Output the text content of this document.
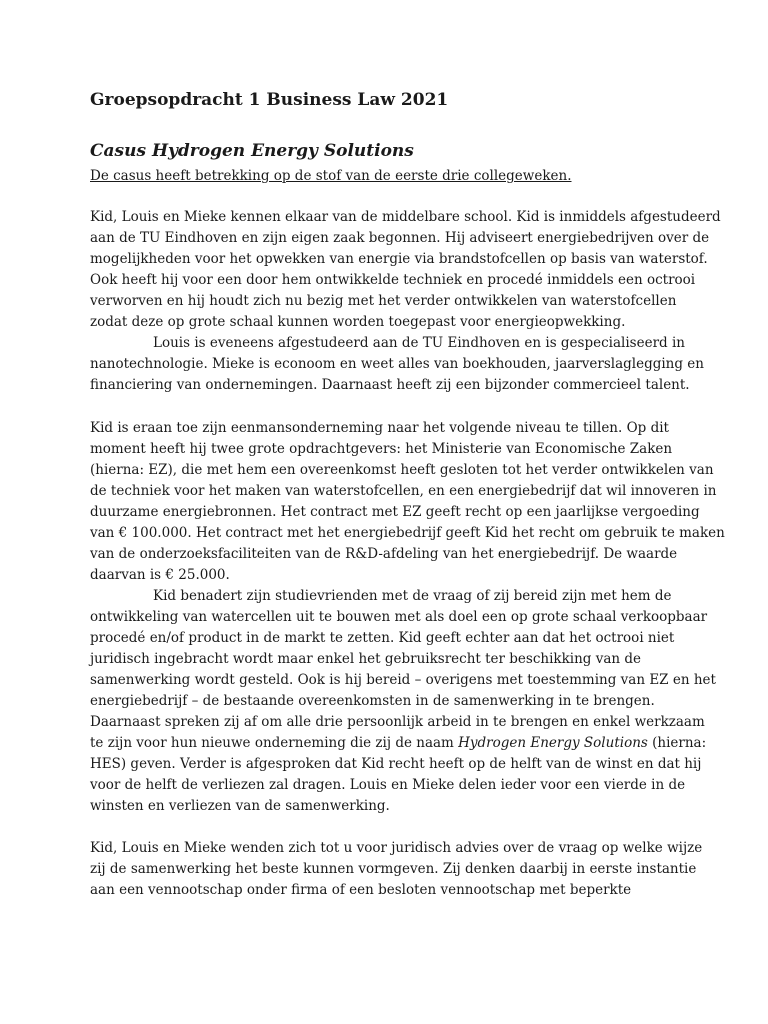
Groepsopdracht 1 Business Law 2021
Casus Hydrogen Energy Solutions

De casus heeft betrekking op de stof van de eerste drie collegeweken.

Kid, Louis en Mieke kennen elkaar van de middelbare school. Kid is inmiddels afgestudeerd
aan de TU Eindhoven en zijn eigen zaak begonnen. Hij adviseert energiebedrijven over de
mogelijkheden voor het opwekken van energie via brandstofcellen op basis van waterstof.
Ook heeft hij voor een door hem ontwikkelde techniek en procedé inmiddels een octrooi
verworven en hij houdt zich nu bezig met het verder ontwikkelen van waterstofcellen
zodat deze op grote schaal kunnen worden toegepast voor energieopwekking.
Louis is eveneens afgestudeerd aan de TU Eindhoven en is gespecialiseerd in
nanotechnologie. Mieke is econoom en weet alles van boekhouden, jaarverslaglegging en
financiering van ondernemingen. Daarnaast heeft zij een bijzonder commercieel talent.
Kid is eraan toe zijn eenmansonderneming naar het volgende niveau te tillen. Op dit
moment heeft hij twee grote opdrachtgevers: het Ministerie van Economische Zaken
(hierna: EZ), die met hem een overeenkomst heeft gesloten tot het verder ontwikkelen van
de techniek voor het maken van waterstofcellen, en een energiebedrijf dat wil innoveren in
duurzame energiebronnen. Het contract met EZ geeft recht op een jaarlijkse vergoeding
van € 100.000. Het contract met het energiebedrijf geeft Kid het recht om gebruik te maken
van de onderzoeksfaciliteiten van de R&D-afdeling van het energiebedrijf. De waarde
daarvan is € 25.000.
Kid benadert zijn studievrienden met de vraag of zij bereid zijn met hem de
ontwikkeling van watercellen uit te bouwen met als doel een op grote schaal verkoopbaar
procedé en/of product in de markt te zetten. Kid geeft echter aan dat het octrooi niet
juridisch ingebracht wordt maar enkel het gebruiksrecht ter beschikking van de
samenwerking wordt gesteld. Ook is hij bereid – overigens met toestemming van EZ en het
energiebedrijf – de bestaande overeenkomsten in de samenwerking in te brengen.
Daarnaast spreken zij af om alle drie persoonlijk arbeid in te brengen en enkel werkzaam
te zijn voor hun nieuwe onderneming die zij de naam Hydrogen Energy Solutions (hierna:
HES) geven. Verder is afgesproken dat Kid recht heeft op de helft van de winst en dat hij
voor de helft de verliezen zal dragen. Louis en Mieke delen ieder voor een vierde in de
winsten en verliezen van de samenwerking.
Kid, Louis en Mieke wenden zich tot u voor juridisch advies over de vraag op welke wijze
zij de samenwerking het beste kunnen vormgeven. Zij denken daarbij in eerste instantie
aan een vennootschap onder firma of een besloten vennootschap met beperkte
